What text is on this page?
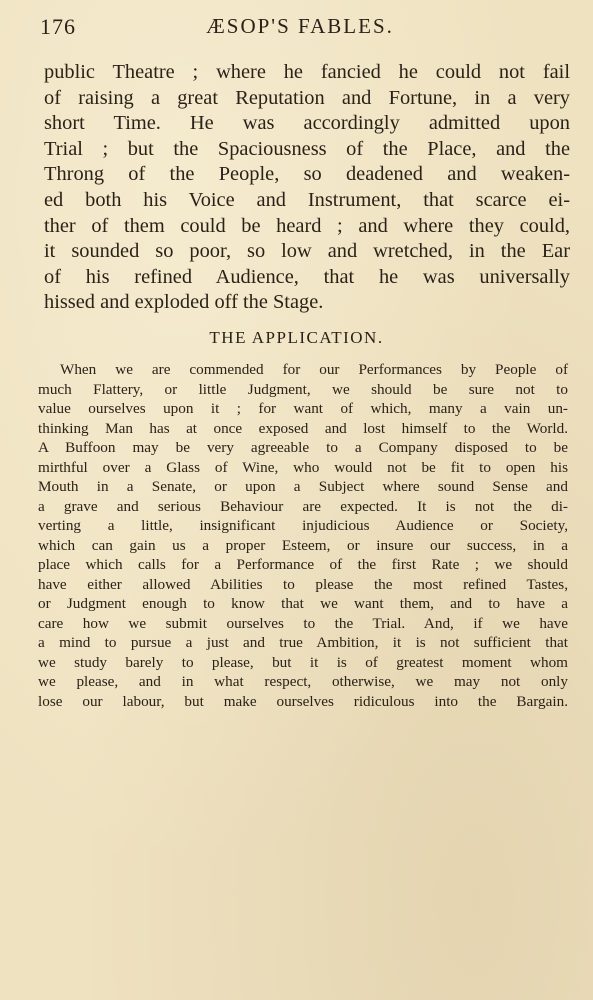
176	ÆSOP'S FABLES.
public Theatre ; where he fancied he could not fail
of raising a great Reputation and Fortune, in a very
short Time. He was accordingly admitted upon
Trial ; but the Spaciousness of the Place, and the
Throng of the People, so deadened and weaken-
ed both his Voice and Instrument, that scarce ei-
ther of them could be heard ; and where they could,
it sounded so poor, so low and wretched, in the Ear
of his refined Audience, that he was universally
hissed and exploded off the Stage.
THE APPLICATION.
When we are commended for our Performances by People of
much Flattery, or little Judgment, we should be sure not to
value ourselves upon it ; for want of which, many a vain un-
thinking Man has at once exposed and lost himself to the World.
A Buffoon may be very agreeable to a Company disposed to be
mirthful over a Glass of Wine, who would not be fit to open his
Mouth in a Senate, or upon a Subject where sound Sense and
a grave and serious Behaviour are expected. It is not the di-
verting a little, insignificant injudicious Audience or Society,
which can gain us a proper Esteem, or insure our success, in a
place which calls for a Performance of the first Rate ; we should
have either allowed Abilities to please the most refined Tastes,
or Judgment enough to know that we want them, and to have a
care how we submit ourselves to the Trial. And, if we have
a mind to pursue a just and true Ambition, it is not sufficient that
we study barely to please, but it is of greatest moment whom
we please, and in what respect, otherwise, we may not only
lose our labour, but make ourselves ridiculous into the Bargain.
